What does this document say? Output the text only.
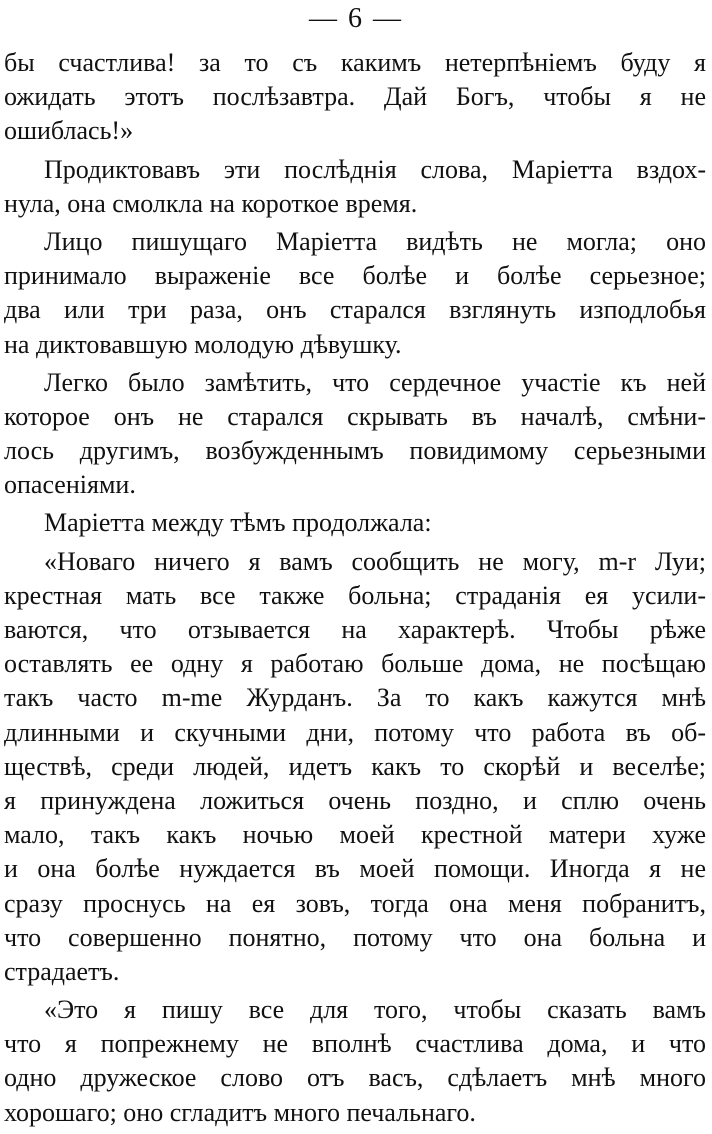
— 6 —
бы счастлива! за то съ какимъ нетерпѣніемъ буду я
ожидать этотъ послѣзавтра. Дай Богъ, чтобы я не
ошиблась!»
Продиктовавъ эти послѣднія слова, Маріетта вздох-
нула, она смолкла на короткое время.
Лицо пишущаго Маріетта видѣть не могла; оно
принимало выраженіе все болѣе и болѣе серьезное;
два или три раза, онъ старался взглянуть изподлобья
на диктовавшую молодую дѣвушку.
Легко было замѣтить, что сердечное участіе къ ней
которое онъ не старался скрывать въ началѣ, смѣни-
лось другимъ, возбужденнымъ повидимому серьезными
опасеніями.
Маріетта между тѣмъ продолжала:
«Новаго ничего я вамъ сообщить не могу, m-r Луи;
крестная мать все также больна; страданія ея усили-
ваются, что отзывается на характерѣ. Чтобы рѣже
оставлять ее одну я работаю больше дома, не посѣщаю
такъ часто m-me Журданъ. За то какъ кажутся мнѣ
длинными и скучными дни, потому что работа въ об-
ществѣ, среди людей, идетъ какъ то скорѣй и веселѣе;
я принуждена ложиться очень поздно, и сплю очень
мало, такъ какъ ночью моей крестной матери хуже
и она болѣе нуждается въ моей помощи. Иногда я не
сразу проснусь на ея зовъ, тогда она меня побранитъ,
что совершенно понятно, потому что она больна и
страдаетъ.
«Это я пишу все для того, чтобы сказать вамъ
что я попрежнему не вполнѣ счастлива дома, и что
одно дружеское слово отъ васъ, сдѣлаетъ мнѣ много
хорошаго; оно сгладитъ много печальнаго.
